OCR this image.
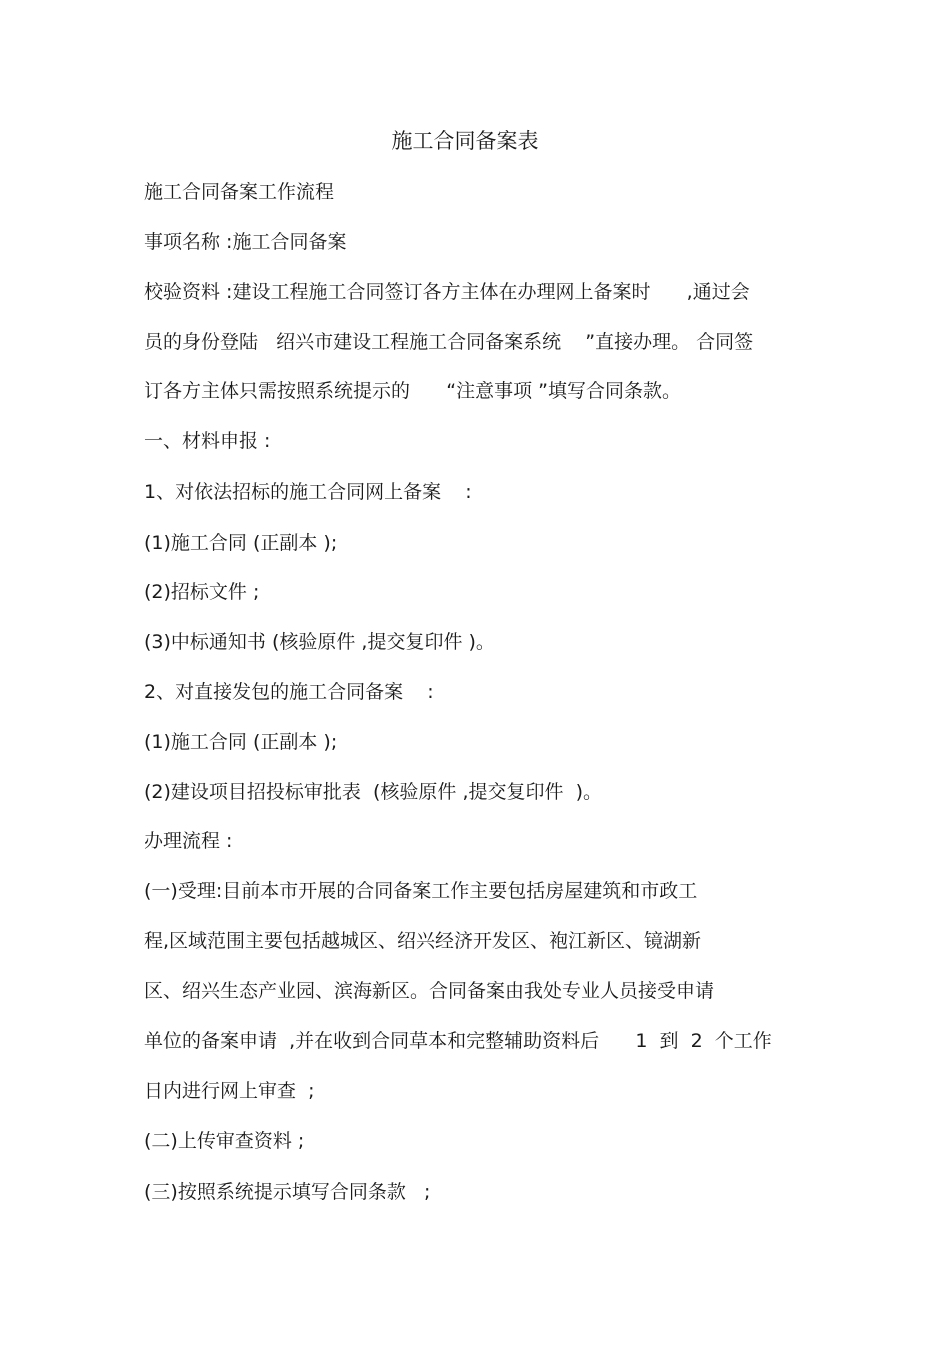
施工合同备案表
施工合同备案工作流程
事项名称 :施工合同备案
校验资料 :建设工程施工合同签订各方主体在办理网上备案时      ,通过会
员的身份登陆   绍兴市建设工程施工合同备案系统    ”直接办理。 合同签
订各方主体只需按照系统提示的      “注意事项 ”填写合同条款。
一、材料申报 :
1、对依法招标的施工合同网上备案    :
(1)施工合同 (正副本 );
(2)招标文件 ;
(3)中标通知书 (核验原件 ,提交复印件 )。
2、对直接发包的施工合同备案    :
(1)施工合同 (正副本 );
(2)建设项目招投标审批表  (核验原件 ,提交复印件  )。
办理流程 :
(一)受理:目前本市开展的合同备案工作主要包括房屋建筑和市政工
程,区域范围主要包括越城区、绍兴经济开发区、袍江新区、镜湖新
区、绍兴生态产业园、滨海新区。合同备案由我处专业人员接受申请
单位的备案申请  ,并在收到合同草本和完整辅助资料后      1  到  2  个工作
日内进行网上审查  ;
(二)上传审查资料 ;
(三)按照系统提示填写合同条款   ;
